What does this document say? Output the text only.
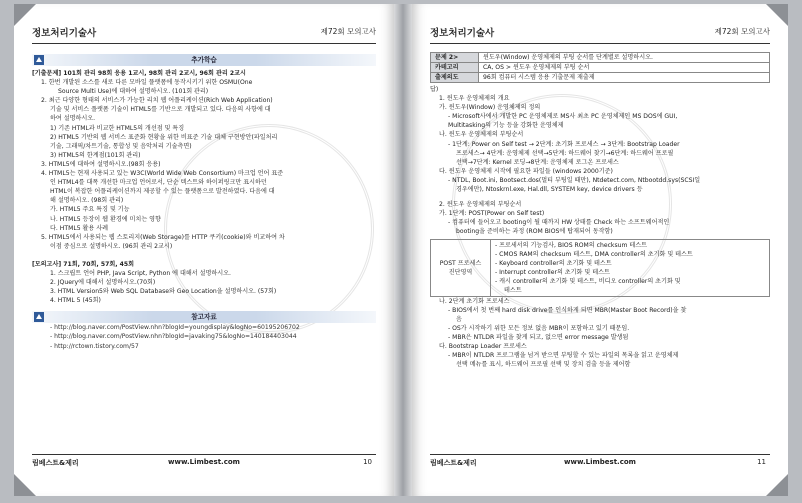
정보처리기술사	제72회 모의고사
추가학습
[기출문제] 101회 관리 98회 응용 1교시, 98회 관리 2교시, 96회 관리 2교시
1. 한번 개발된 소스를 새로 다른 모바일 플랫폼에 동작시키기 위한 OSMU(One
Source Multi Use)에 대하여 설명하시오. (101회 관리)
2. 최근 다양한 형태의 서비스가 가능한 리치 웹 어플리케이션(Rich Web Application)
기술 및 서비스 플랫폼 기술이 HTML5를 기반으로 개발되고 있다. 다음의 사항에 대
하여 설명하시오.
1) 기존 HTML과 비교한 HTML5의 개선점 및 특징
2) HTML5 기반의 웹 서비스 표준화 현황을 위한 비표준 기술 대체 구현방안(파일처리
기술, 그래픽/차트기술, 통합성 및 음악처리 기술측면)
3) HTML5의 한계점(101회 관리)
3. HTML5에 대하여 설명하시오.(98회 응용)
4. HTML5는 현재 사용되고 있는 W3C(World Wide Web Consortium) 마크업 언어 표준
인 HTML4를 대폭 개선한 마크업 언어로서, 단순 텍스트와 하이퍼링크만 표시하던
HTML이 복잡한 어플리케이션까지 제공할 수 있는 플랫폼으로 발전하였다. 다음에 대
해 설명하시오. (98회 관리)
가. HTML5 주요 특징 및 기능
나. HTML5 등장이 웹 환경에 미치는 영향
다. HTML5 활용 사례
5. HTML5에서 사용되는 웹 스토리지(Web Storage)를 HTTP 쿠키(cookie)와 비교하여 차
이점 중심으로 설명하시오. (96회 관리 2교시)
[모의고사] 71회, 70회, 57회, 45회
1. 스크립트 언어 PHP, Java Script, Python 에 대해서 설명하시오.
2. JQuery에 대해서 설명하시오.(70회)
3. HTML Version5와 Web SQL Database와 Geo Location을 설명하시오. (57회)
4. HTML 5 (45회)
참고자료
- http://blog.naver.com/PostView.nhn?blogId=youngdisplay&logNo=60195206702
- http://blog.naver.com/PostView.nhn?blogId=javaking75&logNo=140184403044
- http://rctown.tistory.com/57
림베스트&제리	www.Limbest.com	10
정보처리기술사	제72회 모의고사
문제 2>	윈도우(Window) 운영체제의 부팅 순서를 단계별로 설명하시오.
카테고리	CA, OS > 윈도우 운영체제의 부팅 순서
출제의도	96회 컴퓨터 시스템 응용 기출문제 재출제
답)
1. 윈도우 운영체제의 개요
가. 윈도우(Window) 운영체제의 정의
- Microsoft사에서 개발한 PC 운영체제로 MS사 최초 PC 운영체제인 MS DOS에 GUI,
Multitasking의 기능 등을 강화한 운영체제
나. 윈도우 운영체제의 부팅순서
- 1단계: Power on Self test → 2단계: 초기화 프로세스 → 3단계: Bootstrap Loader
프로세스→ 4단계: 운영체제 선택→5단계: 하드웨어 찾기→6단계: 하드웨어 프로필
선택→7단계: Kernel 로딩→8단계: 운영체제 로그온 프로세스
다. 윈도우 운영체제 시작에 필요한 파일들 (windows 2000기준)
- NTDL, Boot.ini, Bootsect.dos(멀티 부팅일 때만), Ntdetect.com, Ntbootdd.sys(SCSI일
경우에만), Ntoskrnl.exe, Hal.dll, SYSTEM key, device drivers 등
2. 윈도우 운영체제의 부팅순서
가. 1단계: POST(Power on Self test)
- 컴퓨터에 들어오고 booting이 될 때까지 HW 상태를 Check 하는 소프트웨어적인
booting을 준비하는 과정 (ROM BIOS에 탑재되어 동작함)
POST 프로세스
진단영역

- 프로세서의 기능검사, BIOS ROM의 checksum 테스트
- CMOS RAM의 checksum 테스트, DMA controller의 초기화 및 테스트
- Keyboard controller의 초기화 및 테스트
- Interrupt controller의 초기화 및 테스트
- 캐시 controller의 초기화 및 테스트, 비디오 controller의 초기화 및
테스트
나. 2단계 초기화 프로세스
- BIOS에서 첫 번째 hard disk drive를 인식하게 되면 MBR(Master Boot Record)을 찾
음
- OS가 시작하기 위한 모든 정보 없음 MBR이 포함하고 있기 때문임.
- MBR은 NTLDR 파일을 찾게 되고, 없으면 error message 발생됨
다. Bootstrap Loader 프로세스
- MBR이 NTLDR 프로그램을 넘겨 받으면 부팅할 수 있는 파일의 목록을 읽고 운영체제
선택 메뉴를 표시, 하드웨어 프로필 선택 및 장치 검출 등을 제어함
림베스트&제리	www.Limbest.com	11
